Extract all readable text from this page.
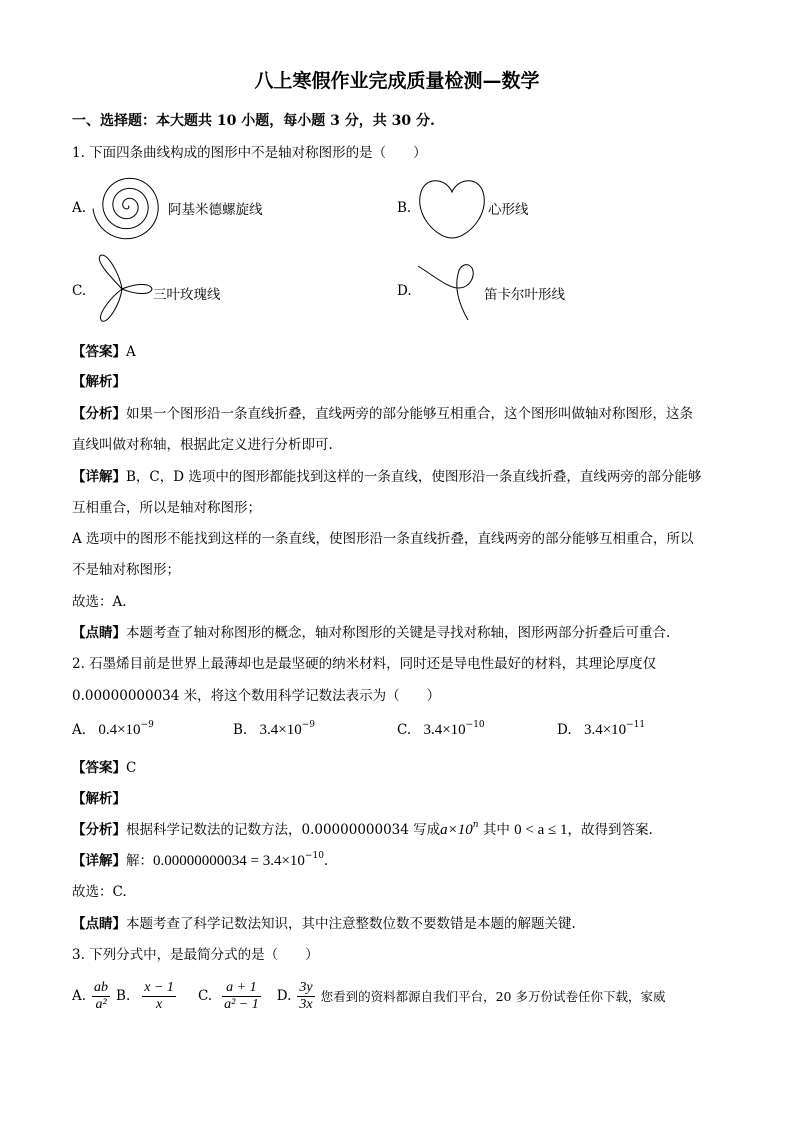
八上寒假作业完成质量检测—数学
一、选择题：本大题共 10 小题，每小题 3 分，共 30 分.
1. 下面四条曲线构成的图形中不是轴对称图形的是（　　）
A.	阿基米德螺旋线	B.	心形线
C.	三叶玫瑰线	D.	笛卡尔叶形线
【答案】A
【解析】
【分析】如果一个图形沿一条直线折叠，直线两旁的部分能够互相重合，这个图形叫做轴对称图形，这条
直线叫做对称轴，根据此定义进行分析即可.
【详解】B，C，D 选项中的图形都能找到这样的一条直线，使图形沿一条直线折叠，直线两旁的部分能够
互相重合，所以是轴对称图形；
A 选项中的图形不能找到这样的一条直线，使图形沿一条直线折叠，直线两旁的部分能够互相重合，所以
不是轴对称图形；
故选：A.
【点睛】本题考查了轴对称图形的概念，轴对称图形的关键是寻找对称轴，图形两部分折叠后可重合.
2. 石墨烯目前是世界上最薄却也是最坚硬的纳米材料，同时还是导电性最好的材料，其理论厚度仅
0.00000000034 米，将这个数用科学记数法表示为（　　）
A. $0.4\times 10^{-9}$	B. $3.4\times 10^{-9}$	C. $3.4\times 10^{-10}$	D. $3.4\times 10^{-11}$
【答案】C
【解析】
【分析】根据科学记数法的记数方法，0.00000000034 写成$a\times 10^n$ 其中 0 < a ≤ 1，故得到答案.
【详解】解：$0.00000000034 = 3.4\times 10^{-10}$.
故选：C.
【点睛】本题考查了科学记数法知识，其中注意整数位数不要数错是本题的解题关键.
3. 下列分式中，是最简分式的是（　　）
A. $\frac{ab}{\text{a²}} B$. $\frac{x - 1}{x} C$. $\frac{a + 1}{\text{a² − 1}} D$. $\frac{3y}{3x}$ 您看到的资料都源自我们平台，20 多万份试卷任你下载，家威
